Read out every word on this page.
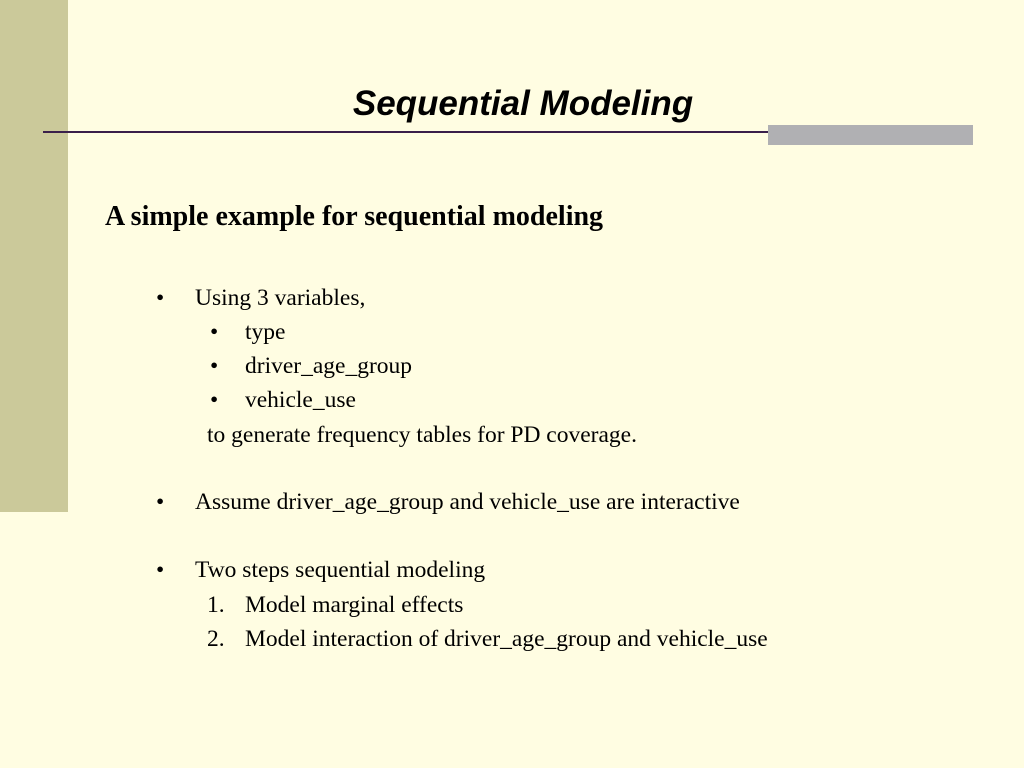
Sequential Modeling
A simple example for sequential modeling
• Using 3 variables,
• type
• driver_age_group
• vehicle_use
to generate frequency tables for PD coverage.
• Assume driver_age_group and vehicle_use are interactive
• Two steps sequential modeling
1. Model marginal effects
2. Model interaction of driver_age_group and vehicle_use
